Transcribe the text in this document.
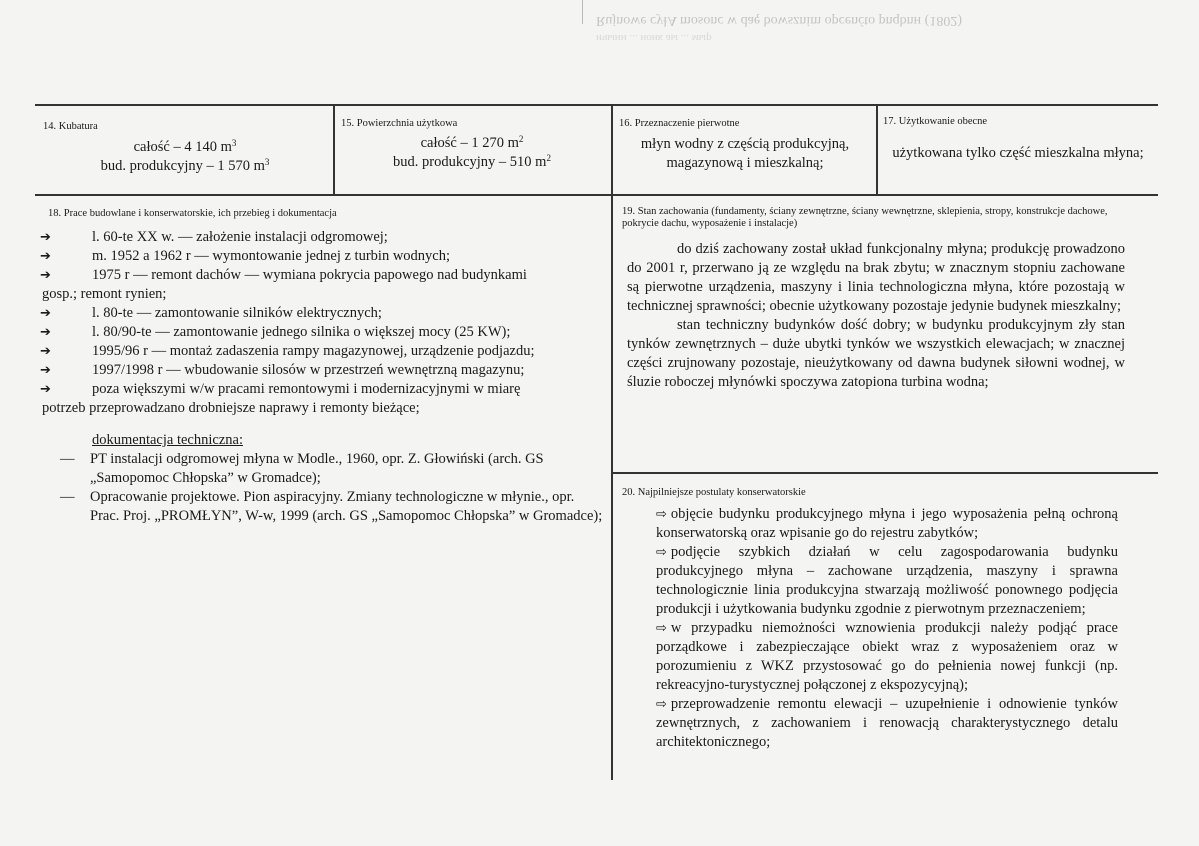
Rujnowe cyłA mosonc w daę bowsznim opcenćto pnqbnн (1802)
ичынн ... нонк аы ... мыр
14. Kubatura
całość – 4 140 $m^3$
bud. produkcyjny – 1 570 $m^3$
15. Powierzchnia użytkowa
całość – 1 270 $m^2$
bud. produkcyjny – 510 $m^2$
16. Przeznaczenie pierwotne
młyn wodny z częścią produkcyjną,
magazynową i mieszkalną;
17. Użytkowanie obecne
użytkowana tylko część mieszkalna młyna;
18. Prace budowlane i konserwatorskie, ich przebieg i dokumentacja
➔	l. 60-te XX w. — założenie instalacji odgromowej;
➔	m. 1952 a 1962 r — wymontowanie jednej z turbin wodnych;
➔	1975 r — remont dachów — wymiana pokrycia papowego nad budynkami
gosp.; remont rynien;
➔	l. 80-te — zamontowanie silników elektrycznych;
➔	l. 80/90-te — zamontowanie jednego silnika o większej mocy (25 KW);
➔	1995/96 r — montaż zadaszenia rampy magazynowej, urządzenie podjazdu;
➔	1997/1998 r — wbudowanie silosów w przestrzeń wewnętrzną magazynu;
➔	poza większymi w/w pracami remontowymi i modernizacyjnymi w miarę
potrzeb przeprowadzano drobniejsze naprawy i remonty bieżące;
dokumentacja techniczna:
— PT instalacji odgromowej młyna w Modle., 1960, opr. Z. Głowiński (arch. GS „Samopomoc Chłopska” w Gromadce);
— Opracowanie projektowe. Pion aspiracyjny. Zmiany technologiczne w młynie., opr. Prac. Proj. „PROMŁYN”, W-w, 1999 (arch. GS „Samopomoc Chłopska” w Gromadce);
19. Stan zachowania (fundamenty, ściany zewnętrzne, ściany wewnętrzne, sklepienia, stropy, konstrukcje dachowe, pokrycie dachu, wyposażenie i instalacje)

do dziś zachowany został układ funkcjonalny młyna; produkcję prowadzono do 2001 r, przerwano ją ze względu na brak zbytu; w znacznym stopniu zachowane są pierwotne urządzenia, maszyny i linia technologiczna młyna, które pozostają w technicznej sprawności; obecnie użytkowany pozostaje jedynie budynek mieszkalny;

stan techniczny budynków dość dobry; w budynku produkcyjnym zły stan tynków zewnętrznych – duże ubytki tynków we wszystkich elewacjach; w znacznej części zrujnowany pozostaje, nieużytkowany od dawna budynek siłowni wodnej, w śluzie roboczej młynówki spoczywa zatopiona turbina wodna;

20. Najpilniejsze postulaty konserwatorskie
⇨ objęcie budynku produkcyjnego młyna i jego wyposażenia pełną ochroną konserwatorską oraz wpisanie go do rejestru zabytków;
⇨ podjęcie szybkich działań w celu zagospodarowania budynku produkcyjnego młyna – zachowane urządzenia, maszyny i sprawna technologicznie linia produkcyjna stwarzają możliwość ponownego podjęcia produkcji i użytkowania budynku zgodnie z pierwotnym przeznaczeniem;
⇨ w przypadku niemożności wznowienia produkcji należy podjąć prace porządkowe i zabezpieczające obiekt wraz z wyposażeniem oraz w porozumieniu z WKZ przystosować go do pełnienia nowej funkcji (np. rekreacyjno-turystycznej połączonej z ekspozycyjną);
⇨ przeprowadzenie remontu elewacji – uzupełnienie i odnowienie tynków zewnętrznych, z zachowaniem i renowacją charakterystycznego detalu architektonicznego;
